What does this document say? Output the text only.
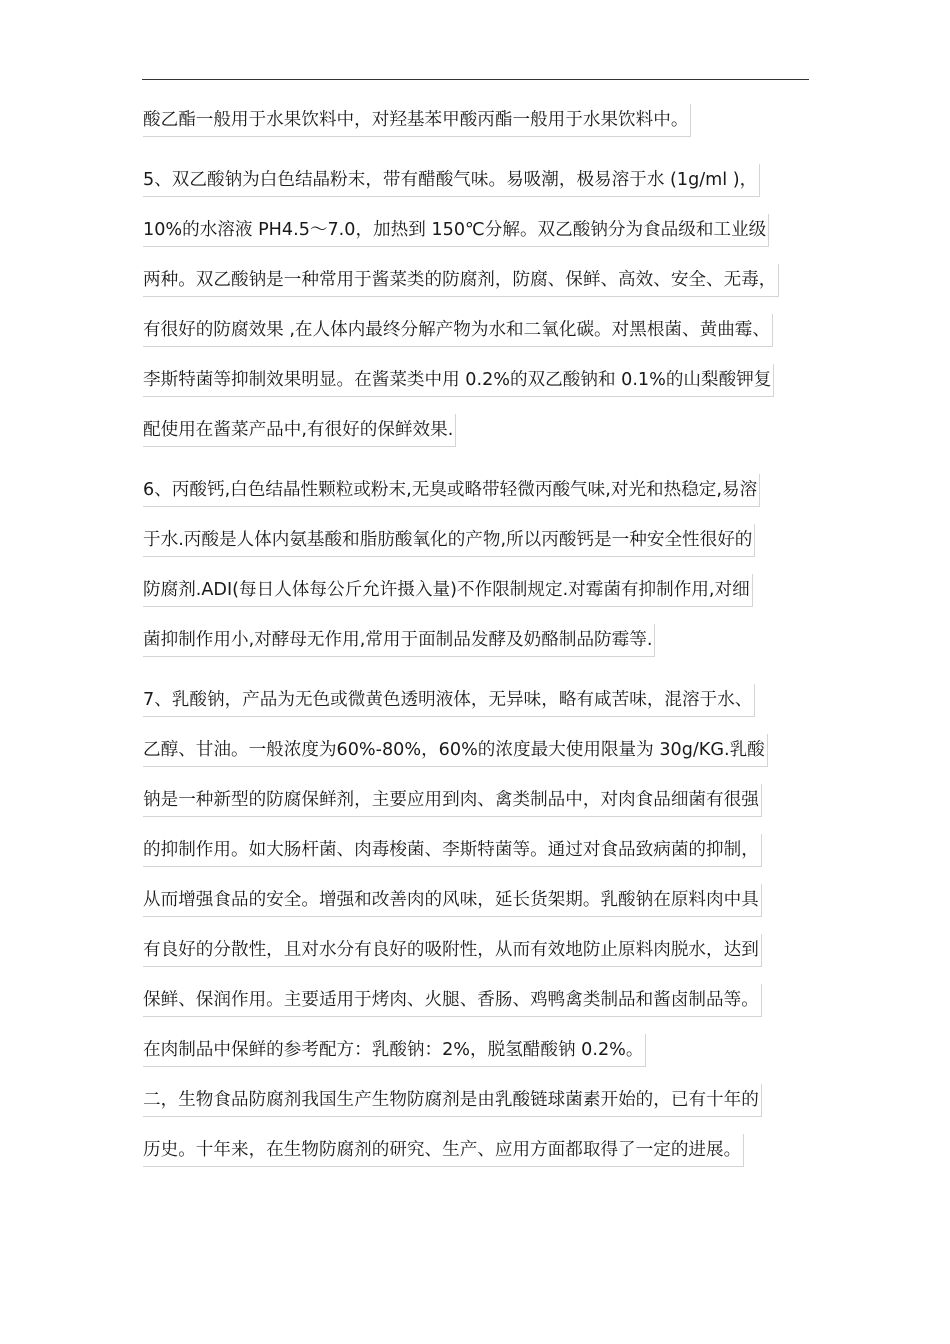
酸乙酯一般用于水果饮料中，对羟基苯甲酸丙酯一般用于水果饮料中。
5、双乙酸钠为白色结晶粉末，带有醋酸气味。易吸潮，极易溶于水 (1g/ml )，
10%的水溶液 PH4.5～7.0，加热到 150℃分解。双乙酸钠分为食品级和工业级
两种。双乙酸钠是一种常用于酱菜类的防腐剂，防腐、保鲜、高效、安全、无毒，
有很好的防腐效果 ,在人体内最终分解产物为水和二氧化碳。对黑根菌、黄曲霉、
李斯特菌等抑制效果明显。在酱菜类中用 0.2%的双乙酸钠和 0.1%的山梨酸钾复
配使用在酱菜产品中,有很好的保鲜效果.
6、丙酸钙,白色结晶性颗粒或粉末,无臭或略带轻微丙酸气味,对光和热稳定,易溶
于水.丙酸是人体内氨基酸和脂肪酸氧化的产物,所以丙酸钙是一种安全性很好的
防腐剂.ADI(每日人体每公斤允许摄入量)不作限制规定.对霉菌有抑制作用,对细
菌抑制作用小,对酵母无作用,常用于面制品发酵及奶酪制品防霉等.
7、乳酸钠，产品为无色或微黄色透明液体，无异味，略有咸苦味，混溶于水、
乙醇、甘油。一般浓度为60%-80%，60%的浓度最大使用限量为 30g/KG.乳酸
钠是一种新型的防腐保鲜剂，主要应用到肉、禽类制品中，对肉食品细菌有很强
的抑制作用。如大肠杆菌、肉毒梭菌、李斯特菌等。通过对食品致病菌的抑制，
从而增强食品的安全。增强和改善肉的风味，延长货架期。乳酸钠在原料肉中具
有良好的分散性，且对水分有良好的吸附性，从而有效地防止原料肉脱水，达到
保鲜、保润作用。主要适用于烤肉、火腿、香肠、鸡鸭禽类制品和酱卤制品等。
在肉制品中保鲜的参考配方：乳酸钠：2%，脱氢醋酸钠 0.2%。
二，生物食品防腐剂我国生产生物防腐剂是由乳酸链球菌素开始的，已有十年的
历史。十年来，在生物防腐剂的研究、生产、应用方面都取得了一定的进展。
